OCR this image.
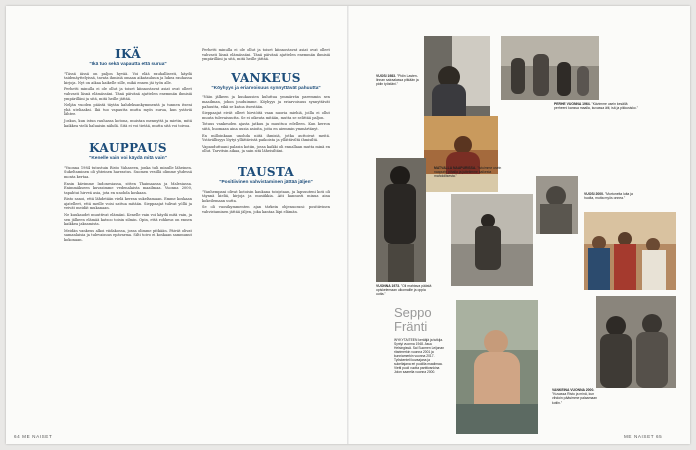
IKÄ
"Ikä tuo sekä vapautta että surua"

"Tässä iässä on paljon hyvää. Voi elää rauhallisesti, käydä taidenäyttelyissä, tavata ihmisiä omaan aikatauluun ja lukea rauhassa kirjoja. Nyt on aikaa kaikelle sille, mikä ennen jäi työn alle.

Perhetti minulla ei ole ollut ja toiset kiinnostavat asiat ovat olleet vahvasti läsnä elämässäni. Tänä päivänä ajattelen enemmän ihmisiä ympärilläni ja sitä, mitä heille jättää.

Neljän vuoden päästä täytän kahdeksankymmentä ja tunnen itseni yhä uteliaaksi. Ikä tuo vapautta mutta myös surua, kun ystäviä lähtee.

Joskus, kun istun rauhassa kotona, muistan mennyttä ja mietin, mitä kaikkea vielä haluaisin nähdä. Sitä ei voi tietää, mutta sitä voi toivoa.

KAUPPAUS
"Kenelle vain voi käydä mitä vain"

"Vuonna 1984 tutustuin Risto Vahaseen, jonka tuli minulle läheinen. Sukeltaminen oli yhteinen harrastus. Suomen vesillä olimme yhdessä monta kertaa.

Ensin kävimme Indonesiassa, sitten Thaimaassa ja Malesiassa. Enimmäkseen kuvasimme vedenalaista maailmaa. Vuonna 2000, tapahtui hirveä asia, jota en unohda koskaan.

Risto sanoi, että lähdetään vielä kerran sukeltamaan. Emme koskaan ajatelleet, että meille voisi sattua mitään. Sieppaajat tulivat yöllä ja veivät meidät mukanaan.

Ne kuukaudet muuttivat elämäni. Kenelle vain voi käydä mitä vain, ja sen jälkeen elämää katsoo toisin silmin. Opin, että rohkeus on ennen kaikkea jaksamista.

Meidän vankeus alkoi viidakossa, jossa olimme pitkään. Päivät olivat samanlaisia ja tulevaisuus epävarma. Silti toivo ei koskaan sammunut kokonaan.

Perhetti minulla ei ole ollut ja toiset kiinnostavat asiat ovat olleet vahvasti läsnä elämässäni. Tänä päivänä ajattelen enemmän ihmisiä ympärilläni ja sitä, mitä heille jättää.

VANKEUS
"Köyhyys ja eriarvoisuus synnyttävät pahuutta"

"Näin jälkeen ja kuukausien kuluttua ymmärrän paremmin sen maailman, johon jouduimme. Köyhyys ja eriarvoisuus synnyttävät pahuutta, eikä se katoa itsestään.

Sieppaajat eivät olleet hirviöitä vaan nuoria miehiä, joilla ei ollut muuta tulevaisuutta. Se ei oikeuta mitään, mutta se selittää paljon.

Totuus vankeuden ajasta jatkuu ja muuttuu edelleen. Kun kerron siitä, huomaan aina uusia asioita, joita en aiemmin ymmärtänyt.

En milloinkaan unohda niitä ihmisiä, jotka auttoivat meitä. Ystävällisyys löytyi yllättävistä paikoista ja yllättäviltä ihmisiltä.

Vapauduttuani palasin kotiin, jossa kaikki oli ennallaan mutta minä en ollut. Tarvitsin aikaa, ja sain sitä läheisiltäni.

TAUSTA
"Positiivinen vahvistaminen jättää jäljen"

"Vanhempani olivat kotoisin kaukana toisistaan, ja lapsuuteni koti oli täynnä kieliä, kirjoja ja musiikkia. Äiti kannusti minua aina kokeilemaan uutta.

Se oli vuosikymmenten ajan tärkein ohjenuorani: positiivinen vahvistaminen jättää jäljen, joka kantaa läpi elämän.

64 ME NAISET	ME NAISET 65
VUOSI 1983. "Pidin Lasten-linnan sairaalassa pitkään ja pidin työstäni."
PERHE VUONNA 1964. "Kävimme usein kesällä perheeni kanssa maalla, kuvassa äiti, isä ja pikkusisko."
MATVALLA NAAPURISSA. "Istuimme usein naapurin pihalla ja juttelimme kaikesta mahdollisesta."
VUONNA 1973. "Oli mahtava päästä opiskelemaan ulkomaille ja oppia uutta."
VUOSI 2000. "Murtuneita luita ja huolta, mutta myös onnea."
Seppo
Fränti
WYKYTAITEEN kerääjä ja tutkija. Syntyi vuonna 1948. Asuu Helsingissä. Sai Suomen Leijonan ritarimerkin vuonna 2001 ja kunniamerkin vuonna 2017. Työskenteli kuvaajana ja sukeltajana eri puolilla maailmaa. Vietti puoli vuotta panttivankina Jolon saarella vuonna 2000.
VANKEINA VUONNA 2000. "Kuvassa Risto ja minä, kun vihdoin pääsimme palaamaan kotiin."
